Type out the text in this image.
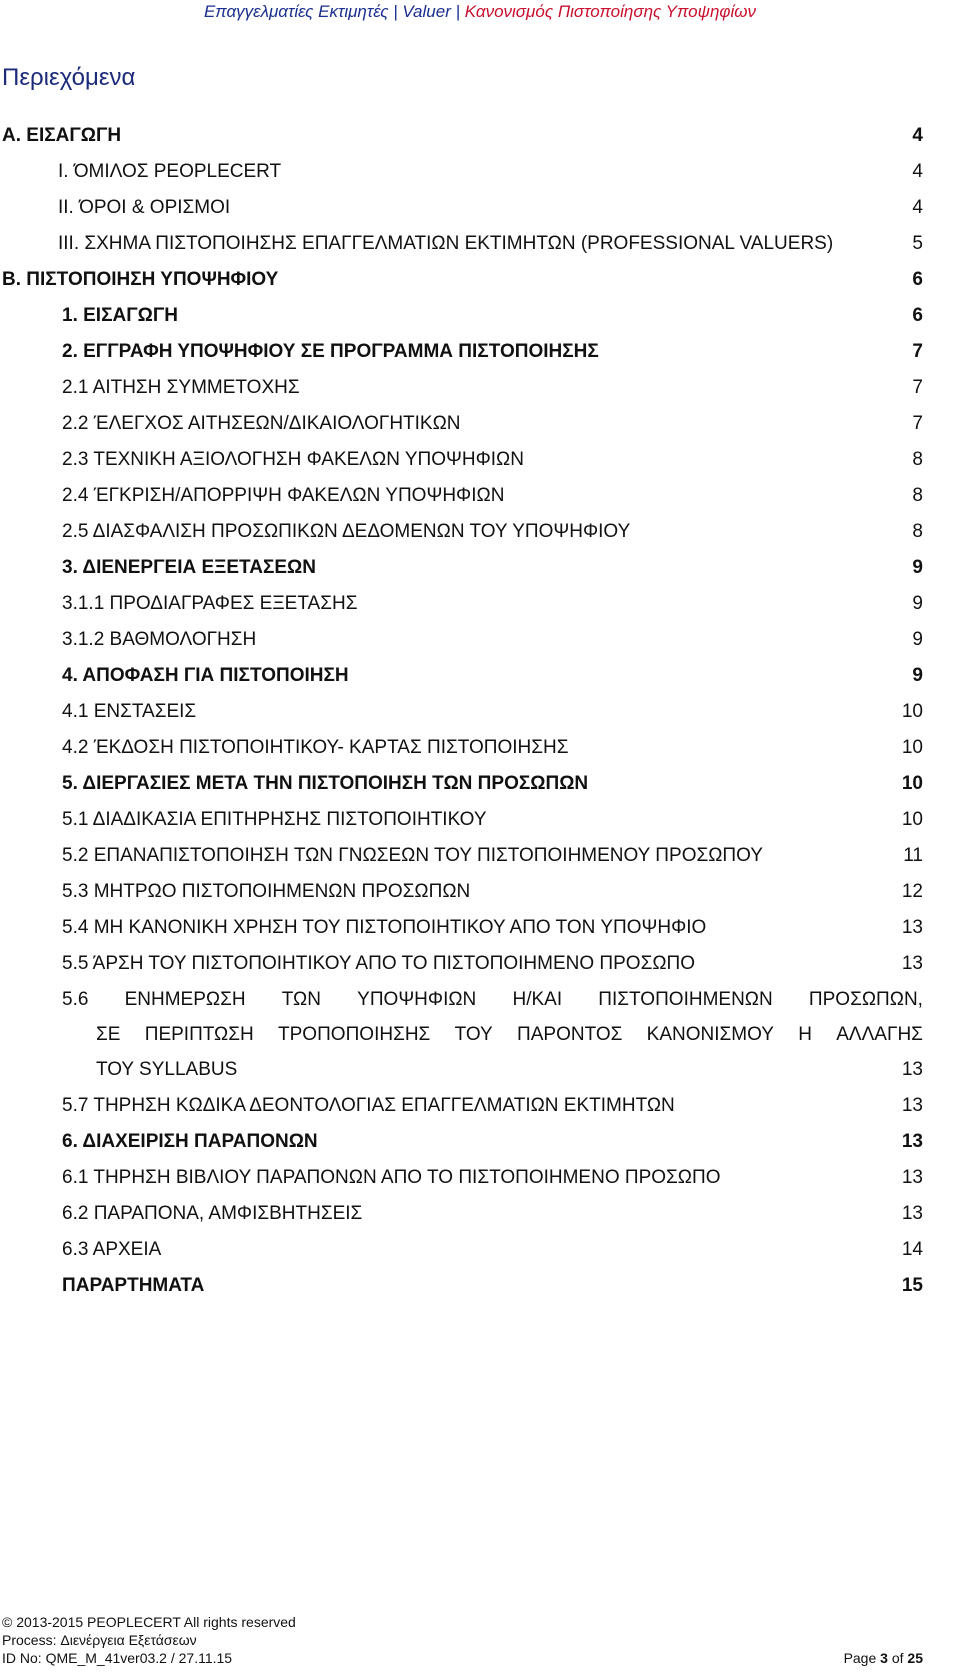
Επαγγελματίες Εκτιμητές | Valuer | Κανονισμός Πιστοποίησης Υποψηφίων
Περιεχόμενα
A. ΕΙΣΑΓΩΓΗ	4
I. ΌΜΙΛΟΣ PEOPLECERT	4
II. ΌΡΟΙ & ΟΡΙΣΜΟΙ	4
III. ΣΧΗΜΑ ΠΙΣΤΟΠΟΙΗΣΗΣ ΕΠΑΓΓΕΛΜΑΤΙΩΝ ΕΚΤΙΜΗΤΩΝ (PROFESSIONAL VALUERS)	5
B. ΠΙΣΤΟΠΟΙΗΣΗ ΥΠΟΨΗΦΙΟΥ	6
1. ΕΙΣΑΓΩΓΗ	6
2. ΕΓΓΡΑΦΗ ΥΠΟΨΗΦΙΟΥ ΣΕ ΠΡΟΓΡΑΜΜΑ ΠΙΣΤΟΠΟΙΗΣΗΣ	7
2.1 ΑΙΤΗΣΗ ΣΥΜΜΕΤΟΧΗΣ	7
2.2 ΈΛΕΓΧΟΣ ΑΙΤΗΣΕΩΝ/ΔΙΚΑΙΟΛΟΓΗΤΙΚΩΝ	7
2.3 ΤΕΧΝΙΚΗ ΑΞΙΟΛΟΓΗΣΗ ΦΑΚΕΛΩΝ ΥΠΟΨΗΦΙΩΝ	8
2.4 ΈΓΚΡΙΣΗ/ΑΠΟΡΡΙΨΗ ΦΑΚΕΛΩΝ ΥΠΟΨΗΦΙΩΝ	8
2.5 ΔΙΑΣΦΑΛΙΣΗ ΠΡΟΣΩΠΙΚΩΝ ΔΕΔΟΜΕΝΩΝ ΤΟΥ ΥΠΟΨΗΦΙΟΥ	8
3. ΔΙΕΝΕΡΓΕΙΑ ΕΞΕΤΑΣΕΩΝ	9
3.1.1 ΠΡΟΔΙΑΓΡΑΦΕΣ ΕΞΕΤΑΣΗΣ	9
3.1.2 ΒΑΘΜΟΛΟΓΗΣΗ	9
4. ΑΠΟΦΑΣΗ ΓΙΑ ΠΙΣΤΟΠΟΙΗΣΗ	9
4.1 ΕΝΣΤΑΣΕΙΣ	10
4.2 ΈΚΔΟΣΗ ΠΙΣΤΟΠΟΙΗΤΙΚΟΥ- ΚΑΡΤΑΣ ΠΙΣΤΟΠΟΙΗΣΗΣ	10
5. ΔΙΕΡΓΑΣΙΕΣ ΜΕΤΑ ΤΗΝ ΠΙΣΤΟΠΟΙΗΣΗ ΤΩΝ ΠΡΟΣΩΠΩΝ	10
5.1 ΔΙΑΔΙΚΑΣΙΑ ΕΠΙΤΗΡΗΣΗΣ ΠΙΣΤΟΠΟΙΗΤΙΚΟΥ	10
5.2 ΕΠΑΝΑΠΙΣΤΟΠΟΙΗΣΗ ΤΩΝ ΓΝΩΣΕΩΝ ΤΟΥ ΠΙΣΤΟΠΟΙΗΜΕΝΟΥ ΠΡΟΣΩΠΟΥ	11
5.3 ΜΗΤΡΩΟ ΠΙΣΤΟΠΟΙΗΜΕΝΩΝ ΠΡΟΣΩΠΩΝ	12
5.4 ΜΗ ΚΑΝΟΝΙΚΗ ΧΡΗΣΗ ΤΟΥ ΠΙΣΤΟΠΟΙΗΤΙΚΟΥ ΑΠΟ ΤΟΝ ΥΠΟΨΗΦΙΟ	13
5.5 ΆΡΣΗ ΤΟΥ ΠΙΣΤΟΠΟΙΗΤΙΚΟΥ ΑΠΟ ΤΟ ΠΙΣΤΟΠΟΙΗΜΕΝΟ ΠΡΟΣΩΠΟ	13
5.6 ΕΝΗΜΕΡΩΣΗ ΤΩΝ ΥΠΟΨΗΦΙΩΝ Η/ΚΑΙ ΠΙΣΤΟΠΟΙΗΜΕΝΩΝ ΠΡΟΣΩΠΩΝ,
ΣΕ ΠΕΡΙΠΤΩΣΗ ΤΡΟΠΟΠΟΙΗΣΗΣ ΤΟΥ ΠΑΡΟΝΤΟΣ ΚΑΝΟΝΙΣΜΟΥ Η ΑΛΛΑΓΗΣ
ΤΟΥ SYLLABUS	13
5.7 ΤΗΡΗΣΗ ΚΩΔΙΚΑ ΔΕΟΝΤΟΛΟΓΙΑΣ ΕΠΑΓΓΕΛΜΑΤΙΩΝ ΕΚΤΙΜΗΤΩΝ	13
6. ΔΙΑΧΕΙΡΙΣΗ ΠΑΡΑΠΟΝΩΝ	13
6.1 ΤΗΡΗΣΗ ΒΙΒΛΙΟΥ ΠΑΡΑΠΟΝΩΝ ΑΠΟ ΤΟ ΠΙΣΤΟΠΟΙΗΜΕΝΟ ΠΡΟΣΩΠΟ	13
6.2 ΠΑΡΑΠΟΝΑ, ΑΜΦΙΣΒΗΤΗΣΕΙΣ	13
6.3 ΑΡΧΕΙΑ	14
ΠΑΡΑΡΤΗΜΑΤΑ	15
© 2013-2015 PEOPLECERT All rights reserved
Process: Διενέργεια Εξετάσεων
ID No: QME_M_41ver03.2 / 27.11.15	Page 3 of 25
